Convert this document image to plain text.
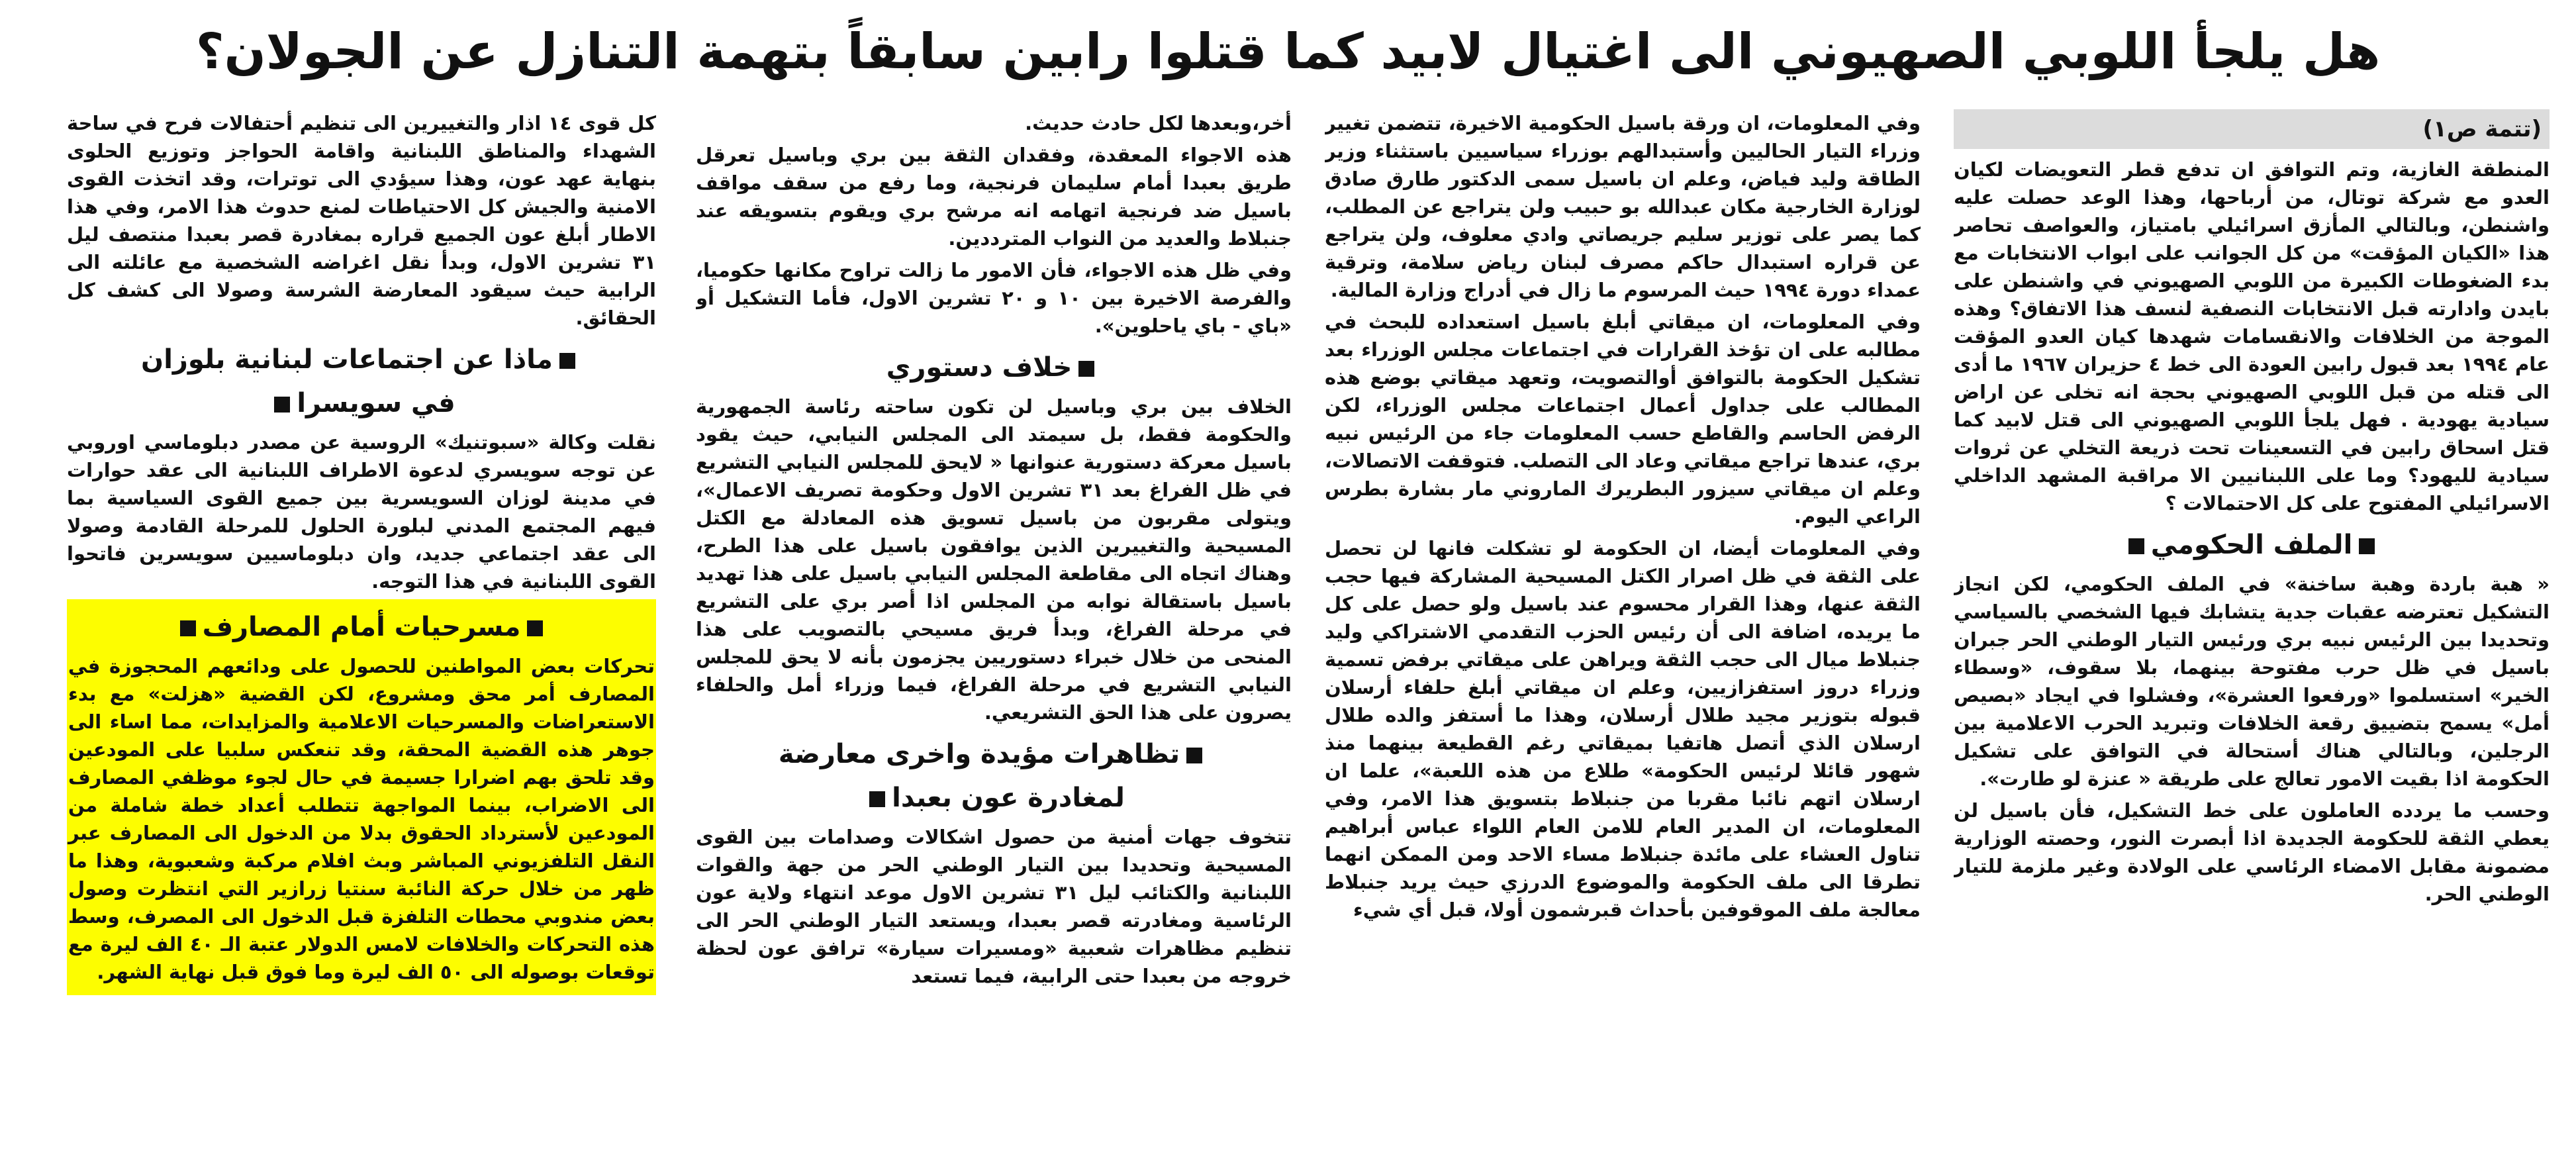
هل يلجأ اللوبي الصهيوني الى اغتيال لابيد كما قتلوا رابين سابقاً بتهمة التنازل عن الجولان؟
(تتمة ص١)

المنطقة الغازية، وتم التوافق ان تدفع قطر التعويضات لكيان العدو مع شركة توتال، من أرباحها، وهذا الوعد حصلت عليه واشنطن، وبالتالي المأزق اسرائيلي بامتياز، والعواصف تحاصر هذا «الكيان المؤقت» من كل الجوانب على ابواب الانتخابات مع بدء الضغوطات الكبيرة من اللوبي الصهيوني في واشنطن على بايدن وادارته قبل الانتخابات النصفية لنسف هذا الاتفاق؟ وهذه الموجة من الخلافات والانقسامات شهدها كيان العدو المؤقت عام ١٩٩٤ بعد قبول رابين العودة الى خط ٤ حزيران ١٩٦٧ ما أدى الى قتله من قبل اللوبي الصهيوني بحجة انه تخلى عن اراض سيادية يهودية . فهل يلجأ اللوبي الصهيوني الى قتل لابيد كما قتل اسحاق رابين في التسعينات تحت ذريعة التخلي عن ثروات سيادية لليهود؟ وما على اللبنانيين الا مراقبة المشهد الداخلي الاسرائيلي المفتوح على كل الاحتمالات ؟

الملف الحكومي

« هبة باردة وهبة ساخنة» في الملف الحكومي، لكن انجاز التشكيل تعترضه عقبات جدية يتشابك فيها الشخصي بالسياسي وتحديدا بين الرئيس نبيه بري ورئيس التيار الوطني الحر جبران باسيل في ظل حرب مفتوحة بينهما، بلا سقوف، «وسطاء الخير» استسلموا «ورفعوا العشرة»، وفشلوا في ايجاد «بصيص أمل» يسمح بتضييق رقعة الخلافات وتبريد الحرب الاعلامية بين الرجلين، وبالتالي هناك أستحالة في التوافق على تشكيل الحكومة اذا بقيت الامور تعالج على طريقة « عنزة لو طارت».

وحسب ما يردده العاملون على خط التشكيل، فأن باسيل لن يعطي الثقة للحكومة الجديدة اذا أبصرت النور، وحصته الوزارية مضمونة مقابل الامضاء الرئاسي على الولادة وغير ملزمة للتيار الوطني الحر.

وفي المعلومات، ان ورقة باسيل الحكومية الاخيرة، تتضمن تغيير وزراء التيار الحاليين وأستبدالهم بوزراء سياسيين باستثناء وزير الطاقة وليد فياض، وعلم ان باسيل سمى الدكتور طارق صادق لوزارة الخارجية مكان عبدالله بو حبيب ولن يتراجع عن المطلب، كما يصر على توزير سليم جريصاتي وادي معلوف، ولن يتراجع عن قراره استبدال حاكم مصرف لبنان رياض سلامة، وترقية عمداء دورة ١٩٩٤ حيث المرسوم ما زال في أدراج وزارة المالية.

وفي المعلومات، ان ميقاتي أبلغ باسيل استعداده للبحث في مطالبه على ان تؤخذ القرارات في اجتماعات مجلس الوزراء بعد تشكيل الحكومة بالتوافق أوالتصويت، وتعهد ميقاتي بوضع هذه المطالب على جداول أعمال اجتماعات مجلس الوزراء، لكن الرفض الحاسم والقاطع حسب المعلومات جاء من الرئيس نبيه بري، عندها تراجع ميقاتي وعاد الى التصلب. فتوقفت الاتصالات، وعلم ان ميقاتي سيزور البطريرك الماروني مار بشارة بطرس الراعي اليوم.

وفي المعلومات أيضا، ان الحكومة لو تشكلت فانها لن تحصل على الثقة في ظل اصرار الكتل المسيحية المشاركة فيها حجب الثقة عنها، وهذا القرار محسوم عند باسيل ولو حصل على كل ما يريده، اضافة الى أن رئيس الحزب التقدمي الاشتراكي وليد جنبلاط ميال الى حجب الثقة ويراهن على ميقاتي برفض تسمية وزراء دروز استفزازيين، وعلم ان ميقاتي أبلغ حلفاء أرسلان قبوله بتوزير مجيد طلال أرسلان، وهذا ما أستفز والده طلال ارسلان الذي أتصل هاتفيا بميقاتي رغم القطيعة بينهما منذ شهور قائلا لرئيس الحكومة» طلاع من هذه اللعبة»، علما ان ارسلان اتهم نائبا مقربا من جنبلاط بتسويق هذا الامر، وفي المعلومات، ان المدير العام للامن العام اللواء عباس أبراهيم تناول العشاء على مائدة جنبلاط مساء الاحد ومن الممكن انهما تطرقا الى ملف الحكومة والموضوع الدرزي حيث يريد جنبلاط معالجة ملف الموقوفين بأحداث قبرشمون أولا، قبل أي شيء

أخر،وبعدها لكل حادث حديث.

هذه الاجواء المعقدة، وفقدان الثقة بين بري وباسيل تعرقل طريق بعبدا أمام سليمان فرنجية، وما رفع من سقف مواقف باسيل ضد فرنجية اتهامه انه مرشح بري ويقوم بتسويقه عند جنبلاط والعديد من النواب المترددين.

وفي ظل هذه الاجواء، فأن الامور ما زالت تراوح مكانها حكوميا، والفرصة الاخيرة بين ١٠ و ٢٠ تشرين الاول، فأما التشكيل أو «باي - باي ياحلوين».

خلاف دستوري

الخلاف بين بري وباسيل لن تكون ساحته رئاسة الجمهورية والحكومة فقط، بل سيمتد الى المجلس النيابي، حيث يقود باسيل معركة دستورية عنوانها « لايحق للمجلس النيابي التشريع في ظل الفراغ بعد ٣١ تشرين الاول وحكومة تصريف الاعمال»، ويتولى مقربون من باسيل تسويق هذه المعادلة مع الكتل المسيحية والتغييرين الذين يوافقون باسيل على هذا الطرح، وهناك اتجاه الى مقاطعة المجلس النيابي باسيل على هذا تهديد باسيل باستقالة نوابه من المجلس اذا أصر بري على التشريع في مرحلة الفراغ، وبدأ فريق مسيحي بالتصويب على هذا المنحى من خلال خبراء دستوريين يجزمون بأنه لا يحق للمجلس النيابي التشريع في مرحلة الفراغ، فيما وزراء أمل والحلفاء يصرون على هذا الحق التشريعي.

تظاهرات مؤيدة واخرى معارضة
لمغادرة عون بعبدا

تتخوف جهات أمنية من حصول اشكالات وصدامات بين القوى المسيحية وتحديدا بين التيار الوطني الحر من جهة والقوات اللبنانية والكتائب ليل ٣١ تشرين الاول موعد انتهاء ولاية عون الرئاسية ومغادرته قصر بعبدا، ويستعد التيار الوطني الحر الى تنظيم مظاهرات شعبية «ومسيرات سيارة» ترافق عون لحظة خروجه من بعبدا حتى الرابية، فيما تستعد

كل قوى ١٤ اذار والتغييرين الى تنظيم أحتفالات فرح في ساحة الشهداء والمناطق اللبنانية واقامة الحواجز وتوزيع الحلوى بنهاية عهد عون، وهذا سيؤدي الى توترات، وقد اتخذت القوى الامنية والجيش كل الاحتياطات لمنع حدوث هذا الامر، وفي هذا الاطار أبلغ عون الجميع قراره بمغادرة قصر بعبدا منتصف ليل ٣١ تشرين الاول، وبدأ نقل اغراضه الشخصية مع عائلته الى الرابية حيث سيقود المعارضة الشرسة وصولا الى كشف كل الحقائق.

ماذا عن اجتماعات لبنانية بلوزان
في سويسرا

نقلت وكالة «سبوتنيك» الروسية عن مصدر دبلوماسي اوروبي عن توجه سويسري لدعوة الاطراف اللبنانية الى عقد حوارات في مدينة لوزان السويسرية بين جميع القوى السياسية بما فيهم المجتمع المدني لبلورة الحلول للمرحلة القادمة وصولا الى عقد اجتماعي جديد، وان دبلوماسيين سويسرين فاتحوا القوى اللبنانية في هذا التوجه.

مسرحيات أمام المصارف

تحركات بعض المواطنين للحصول على ودائعهم المحجوزة في المصارف أمر محق ومشروع، لكن القضية «هزلت» مع بدء الاستعراضات والمسرحيات الاعلامية والمزايدات، مما اساء الى جوهر هذه القضية المحقة، وقد تنعكس سلبيا على المودعين وقد تلحق بهم اضرارا جسيمة في حال لجوء موظفي المصارف الى الاضراب، بينما المواجهة تتطلب أعداد خطة شاملة من المودعين لأسترداد الحقوق بدلا من الدخول الى المصارف عبر النقل التلفزيوني المباشر وبث افلام مركبة وشعبوية، وهذا ما ظهر من خلال حركة النائبة سنتيا زرازير التي انتظرت وصول بعض مندوبي محطات التلفزة قبل الدخول الى المصرف، وسط هذه التحركات والخلافات لامس الدولار عتبة الـ ٤٠ الف ليرة مع توقعات بوصوله الى ٥٠ الف ليرة وما فوق قبل نهاية الشهر.
